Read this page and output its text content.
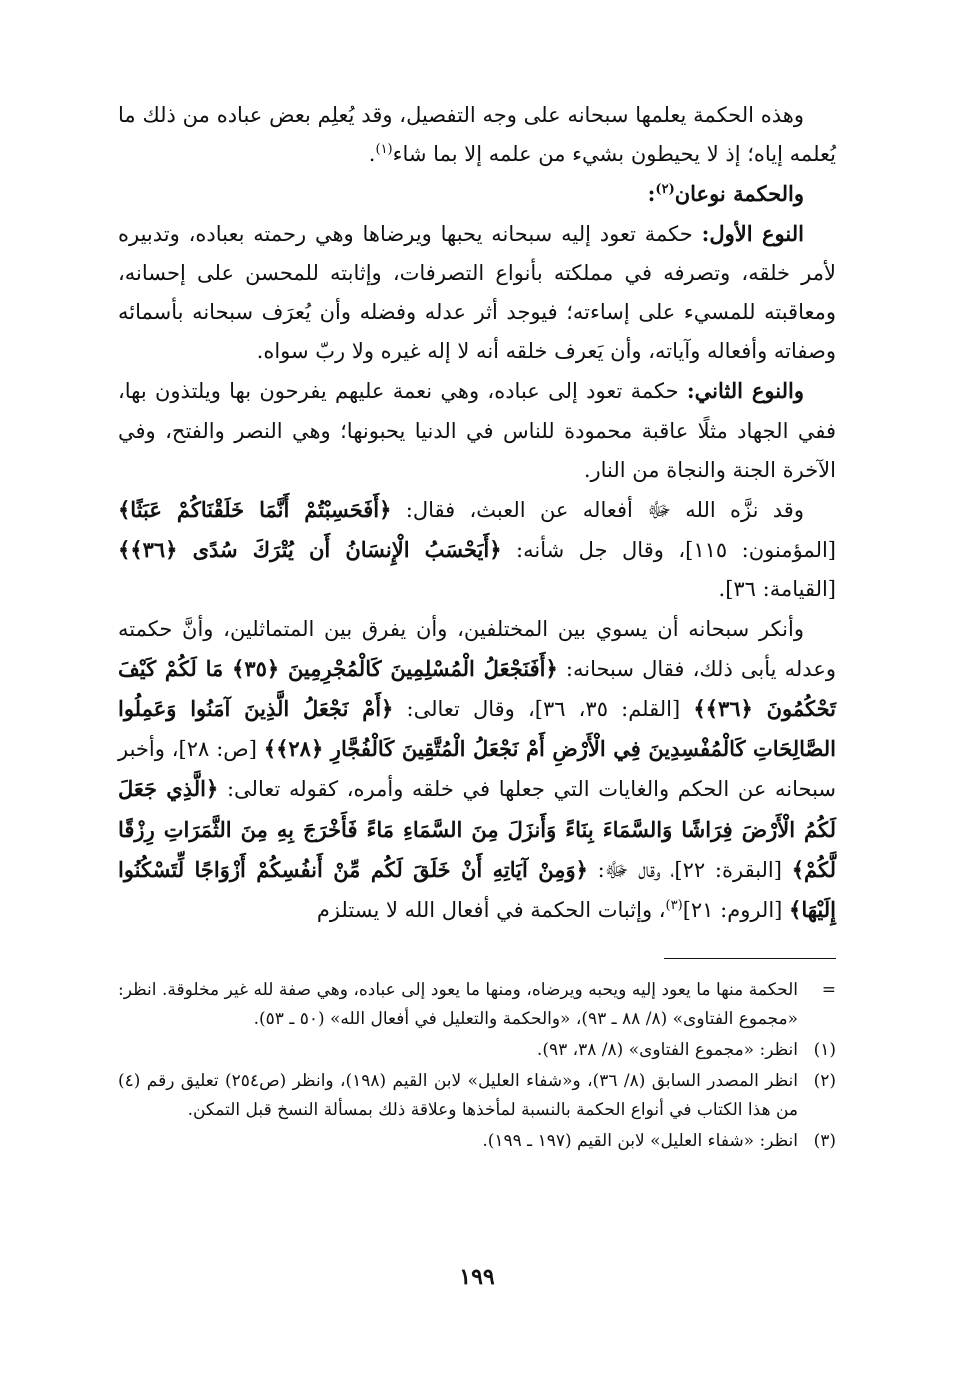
وهذه الحكمة يعلمها سبحانه على وجه التفصيل، وقد يُعلِم بعض عباده من ذلك ما يُعلمه إياه؛ إذ لا يحيطون بشيء من علمه إلا بما شاء$^{(١)}$.

والحكمة نوعان$^{(٢)}$:

النوع الأول: حكمة تعود إليه سبحانه يحبها ويرضاها وهي رحمته بعباده، وتدبيره لأمر خلقه، وتصرفه في مملكته بأنواع التصرفات، وإثابته للمحسن على إحسانه، ومعاقبته للمسيء على إساءته؛ فيوجد أثر عدله وفضله وأن يُعرَف سبحانه بأسمائه وصفاته وأفعاله وآياته، وأن يَعرف خلقه أنه لا إله غيره ولا ربّ سواه.

والنوع الثاني: حكمة تعود إلى عباده، وهي نعمة عليهم يفرحون بها ويلتذون بها، ففي الجهاد مثلًا عاقبة محمودة للناس في الدنيا يحبونها؛ وهي النصر والفتح، وفي الآخرة الجنة والنجاة من النار.

وقد نزَّه الله ﷻ أفعاله عن العبث، فقال: ﴿أَفَحَسِبْتُمْ أَنَّمَا خَلَقْنَاكُمْ عَبَثًا﴾ [المؤمنون: ١١٥]، وقال جل شأنه: ﴿أَيَحْسَبُ الْإِنسَانُ أَن يُتْرَكَ سُدًى ﴿٣٦﴾﴾ [القيامة: ٣٦].

وأنكر سبحانه أن يسوي بين المختلفين، وأن يفرق بين المتماثلين، وأنَّ حكمته وعدله يأبى ذلك، فقال سبحانه: ﴿أَفَنَجْعَلُ الْمُسْلِمِينَ كَالْمُجْرِمِينَ ﴿٣٥﴾ مَا لَكُمْ كَيْفَ تَحْكُمُونَ ﴿٣٦﴾﴾ [القلم: ٣٥، ٣٦]، وقال تعالى: ﴿أَمْ نَجْعَلُ الَّذِينَ آمَنُوا وَعَمِلُوا الصَّالِحَاتِ كَالْمُفْسِدِينَ فِي الْأَرْضِ أَمْ نَجْعَلُ الْمُتَّقِينَ كَالْفُجَّارِ ﴿٢٨﴾﴾ [ص: ٢٨]، وأخبر سبحانه عن الحكم والغايات التي جعلها في خلقه وأمره، كقوله تعالى: ﴿الَّذِي جَعَلَ لَكُمُ الْأَرْضَ فِرَاشًا وَالسَّمَاءَ بِنَاءً وَأَنزَلَ مِنَ السَّمَاءِ مَاءً فَأَخْرَجَ بِهِ مِنَ الثَّمَرَاتِ رِزْقًا لَّكُمْ﴾ [البقرة: ٢٢]، وقال ﷻ: ﴿وَمِنْ آيَاتِهِ أَنْ خَلَقَ لَكُم مِّنْ أَنفُسِكُمْ أَزْوَاجًا لِّتَسْكُنُوا إِلَيْهَا﴾ [الروم: ٢١]$^{(٣)}$، وإثبات الحكمة في أفعال الله لا يستلزم

=
الحكمة منها ما يعود إليه ويحبه ويرضاه، ومنها ما يعود إلى عباده، وهي صفة لله غير مخلوقة. انظر: «مجموع الفتاوى» (٨/ ٨٨ ـ ٩٣)، «والحكمة والتعليل في أفعال الله» (٥٠ ـ ٥٣).
(١)
انظر: «مجموع الفتاوى» (٨/ ٣٨، ٩٣).
(٢)
انظر المصدر السابق (٨/ ٣٦)، و«شفاء العليل» لابن القيم (١٩٨)، وانظر (ص٢٥٤) تعليق رقم (٤) من هذا الكتاب في أنواع الحكمة بالنسبة لمأخذها وعلاقة ذلك بمسألة النسخ قبل التمكن.
(٣)
انظر: «شفاء العليل» لابن القيم (١٩٧ ـ ١٩٩).
١٩٩
